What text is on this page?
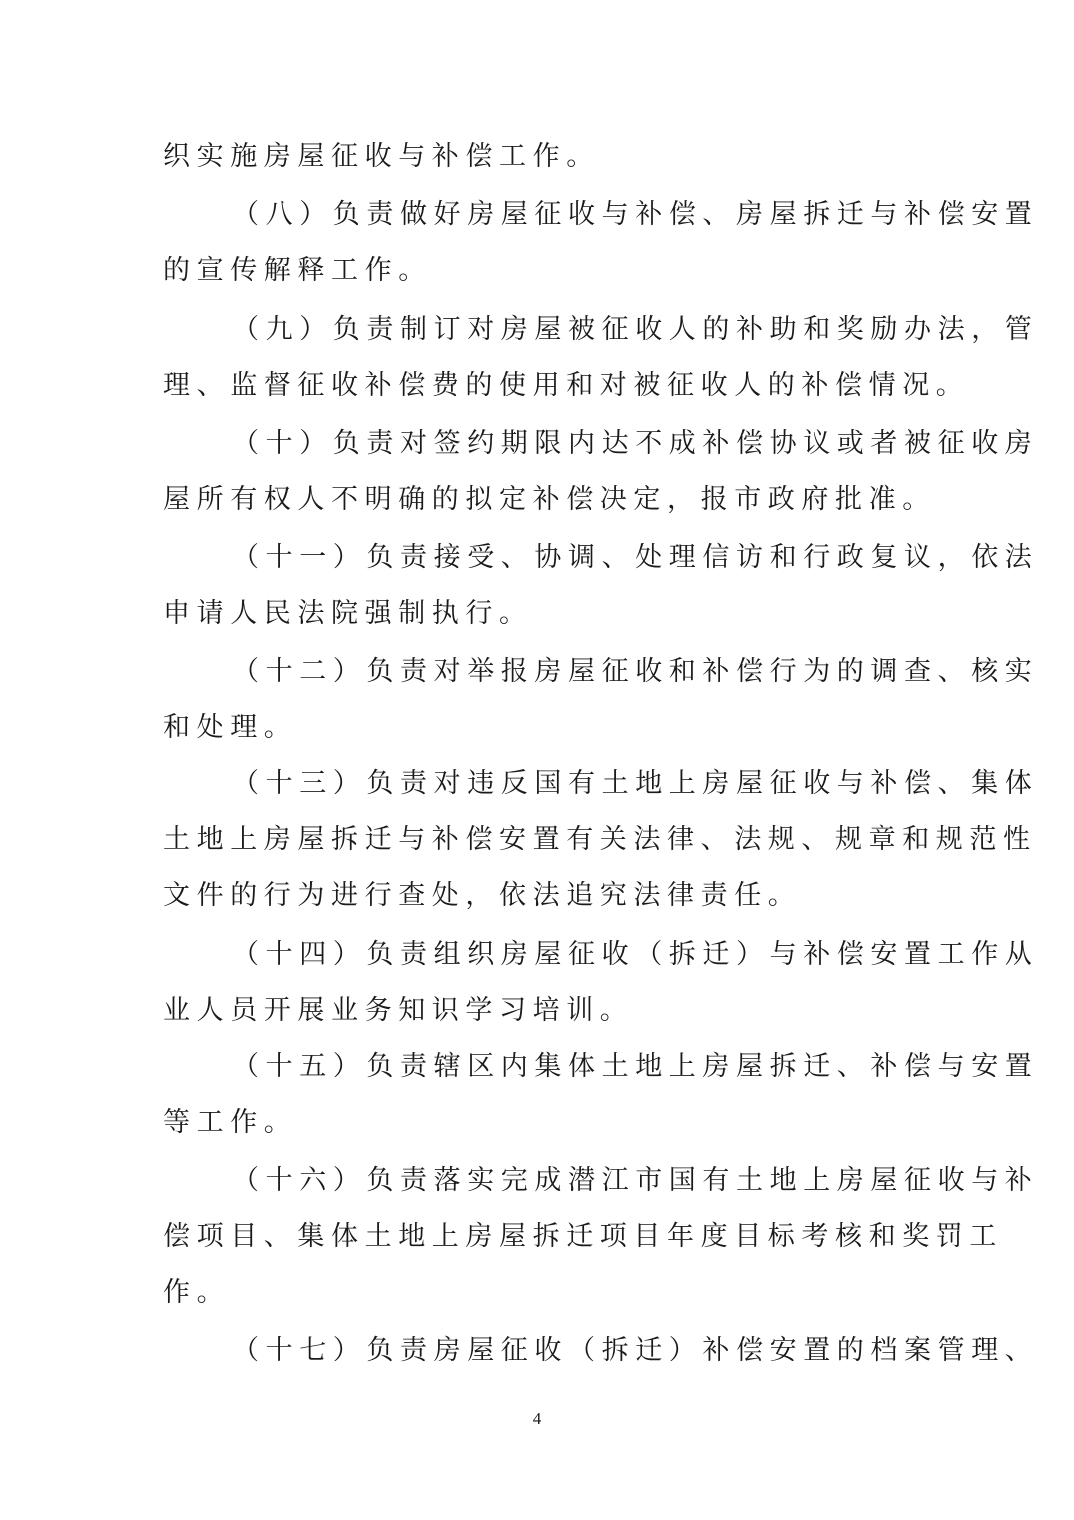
织实施房屋征收与补偿工作。
（八）负责做好房屋征收与补偿、房屋拆迁与补偿安置
的宣传解释工作。
（九）负责制订对房屋被征收人的补助和奖励办法，管
理、监督征收补偿费的使用和对被征收人的补偿情况。
（十）负责对签约期限内达不成补偿协议或者被征收房
屋所有权人不明确的拟定补偿决定，报市政府批准。
（十一）负责接受、协调、处理信访和行政复议，依法
申请人民法院强制执行。
（十二）负责对举报房屋征收和补偿行为的调查、核实
和处理。
（十三）负责对违反国有土地上房屋征收与补偿、集体
土地上房屋拆迁与补偿安置有关法律、法规、规章和规范性
文件的行为进行查处，依法追究法律责任。
（十四）负责组织房屋征收（拆迁）与补偿安置工作从
业人员开展业务知识学习培训。
（十五）负责辖区内集体土地上房屋拆迁、补偿与安置
等工作。
（十六）负责落实完成潜江市国有土地上房屋征收与补
偿项目、集体土地上房屋拆迁项目年度目标考核和奖罚工
作。
（十七）负责房屋征收（拆迁）补偿安置的档案管理、
4
